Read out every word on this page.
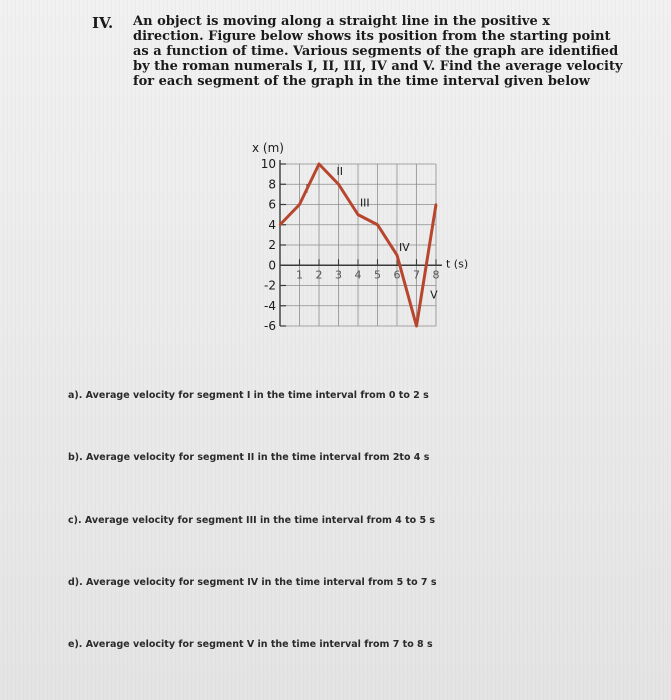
IV. An object is moving along a straight line in the positive x direction. Figure below shows its position from the starting point as a function of time. Various segments of the graph are identified by the roman numerals I, II, III, IV and V. Find the average velocity for each segment of the graph in the time interval given below

10
8
6
4
2
0
-2
-4
-6
1 2 3 4 5 6 7 8
x (m)
t (s)
I
II
III
IV
V

a). Average velocity for segment I in the time interval from 0 to 2 s

b). Average velocity for segment II in the time interval from 2to 4 s

c). Average velocity for segment III in the time interval from 4 to 5 s

d). Average velocity for segment IV in the time interval from 5 to 7 s

e). Average velocity for segment V in the time interval from 7 to 8 s
